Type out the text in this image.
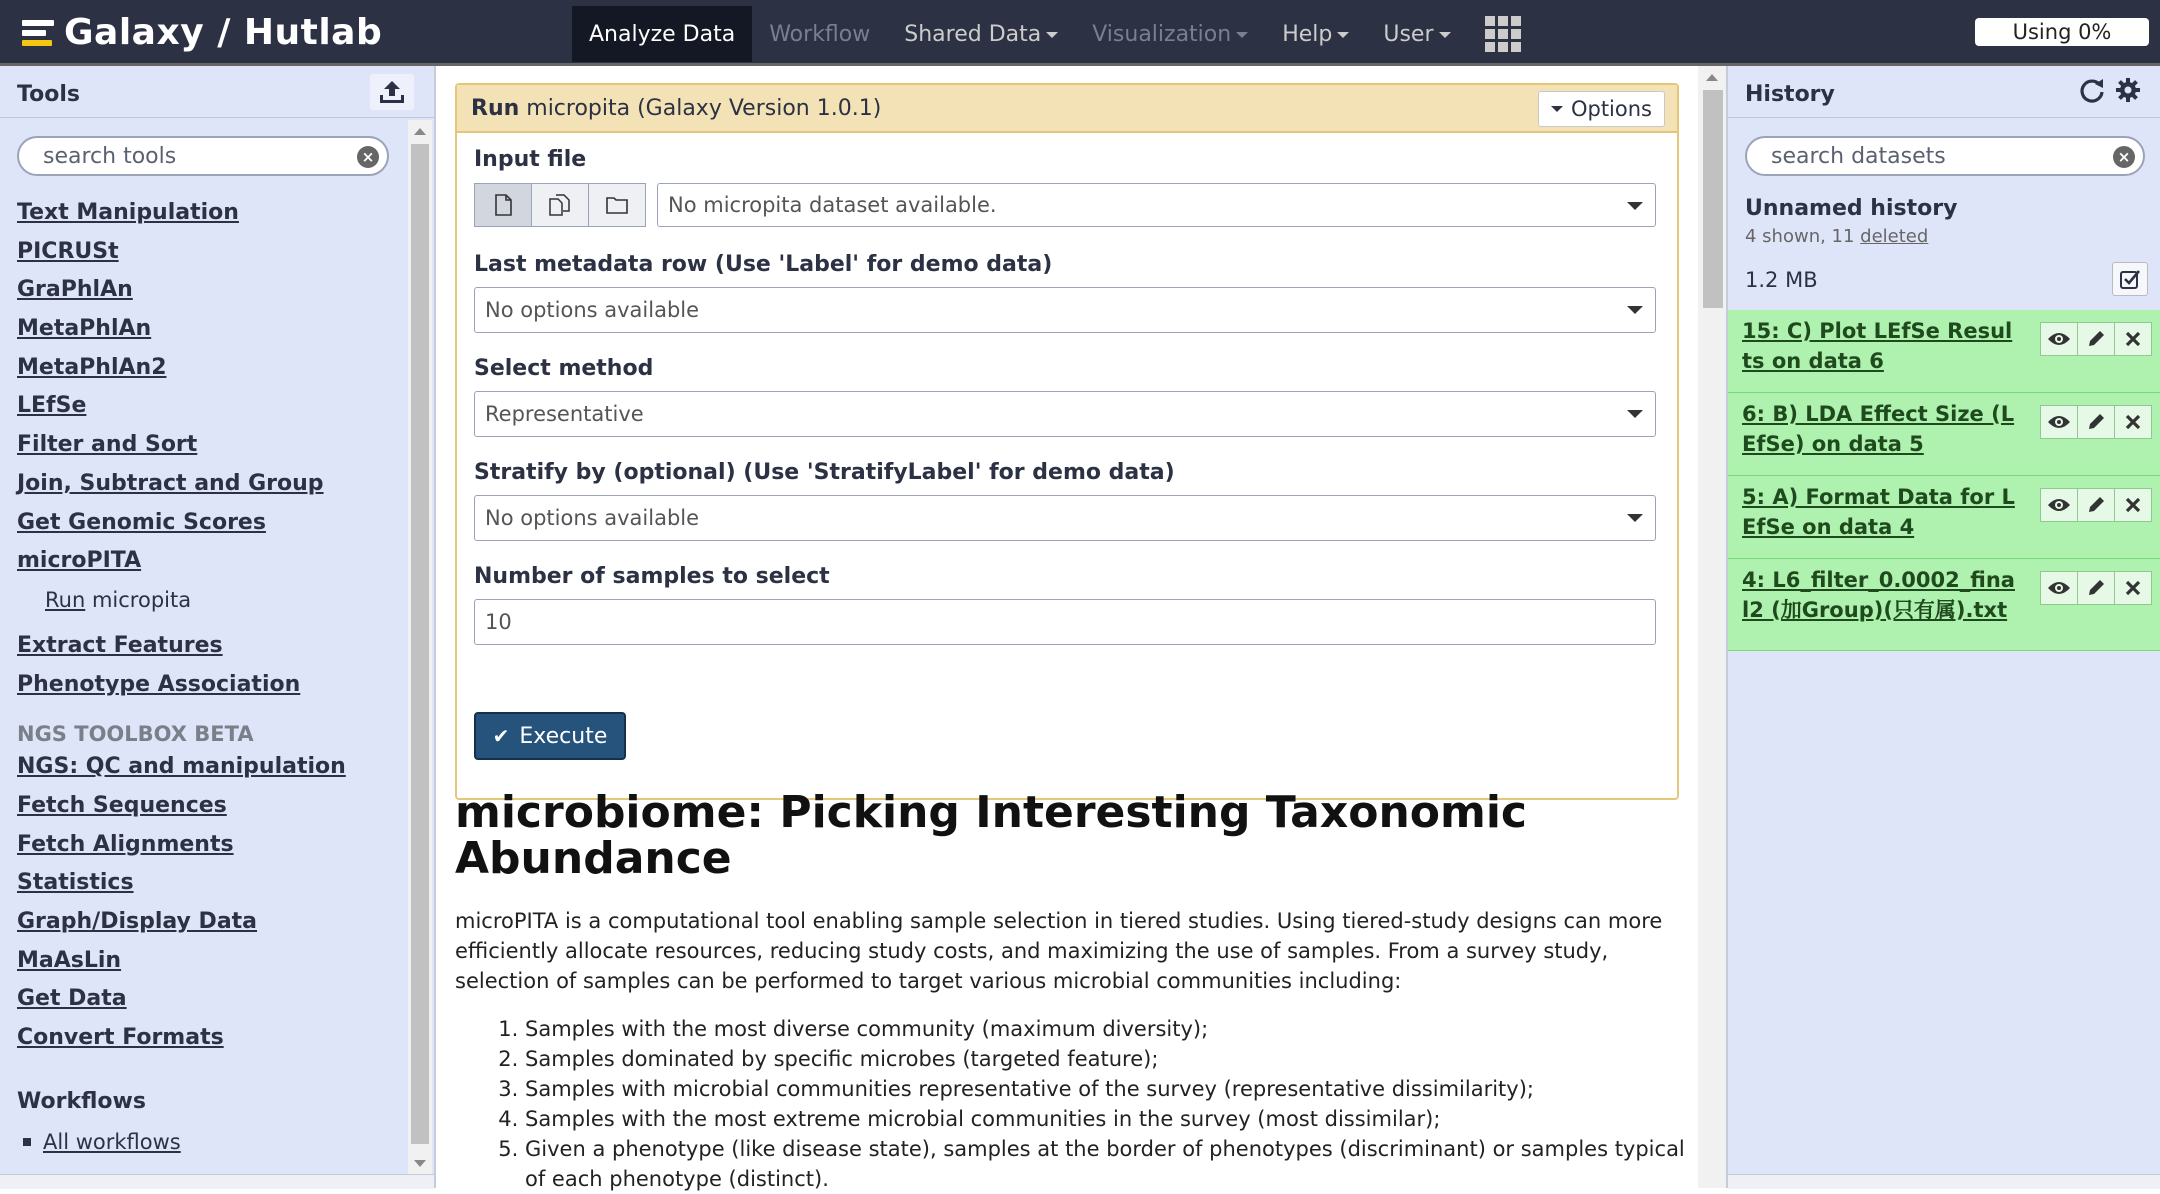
Galaxy / Hutlab	Analyze Data Workflow Shared Data Visualization Help User	Using 0%
Tools
search tools
×
Text Manipulation
PICRUSt
GraPhlAn
MetaPhlAn
MetaPhlAn2
LEfSe
Filter and Sort
Join, Subtract and Group
Get Genomic Scores
microPITA
Run micropita
Extract Features
Phenotype Association
NGS TOOLBOX BETA
NGS: QC and manipulation
Fetch Sequences
Fetch Alignments
Statistics
Graph/Display Data
MaAsLin
Get Data
Convert Formats
Workflows
All workflows
Run micropita (Galaxy Version 1.0.1)	Options
Input file
No micropita dataset available.
Last metadata row (Use 'Label' for demo data)
No options available
Select method
Representative
Stratify by (optional) (Use 'StratifyLabel' for demo data)
No options available
Number of samples to select
10
✔ Execute
microbiome: Picking Interesting Taxonomic Abundance

microPITA is a computational tool enabling sample selection in tiered studies. Using tiered-study designs can more efficiently allocate resources, reducing study costs, and maximizing the use of samples. From a survey study, selection of samples can be performed to target various microbial communities including:

1. Samples with the most diverse community (maximum diversity);
2. Samples dominated by specific microbes (targeted feature);
3. Samples with microbial communities representative of the survey (representative dissimilarity);
4. Samples with the most extreme microbial communities in the survey (most dissimilar);
5. Given a phenotype (like disease state), samples at the border of phenotypes (discriminant) or samples typical of each phenotype (distinct).
History
search datasets
×
Unnamed history
4 shown, 11 deleted
1.2 MB
15: C) Plot LEfSe Results on data 6
6: B) LDA Effect Size (LEfSe) on data 5
5: A) Format Data for LEfSe on data 4
4: L6_filter_0.0002_final2 (加Group)(只有属).txt
